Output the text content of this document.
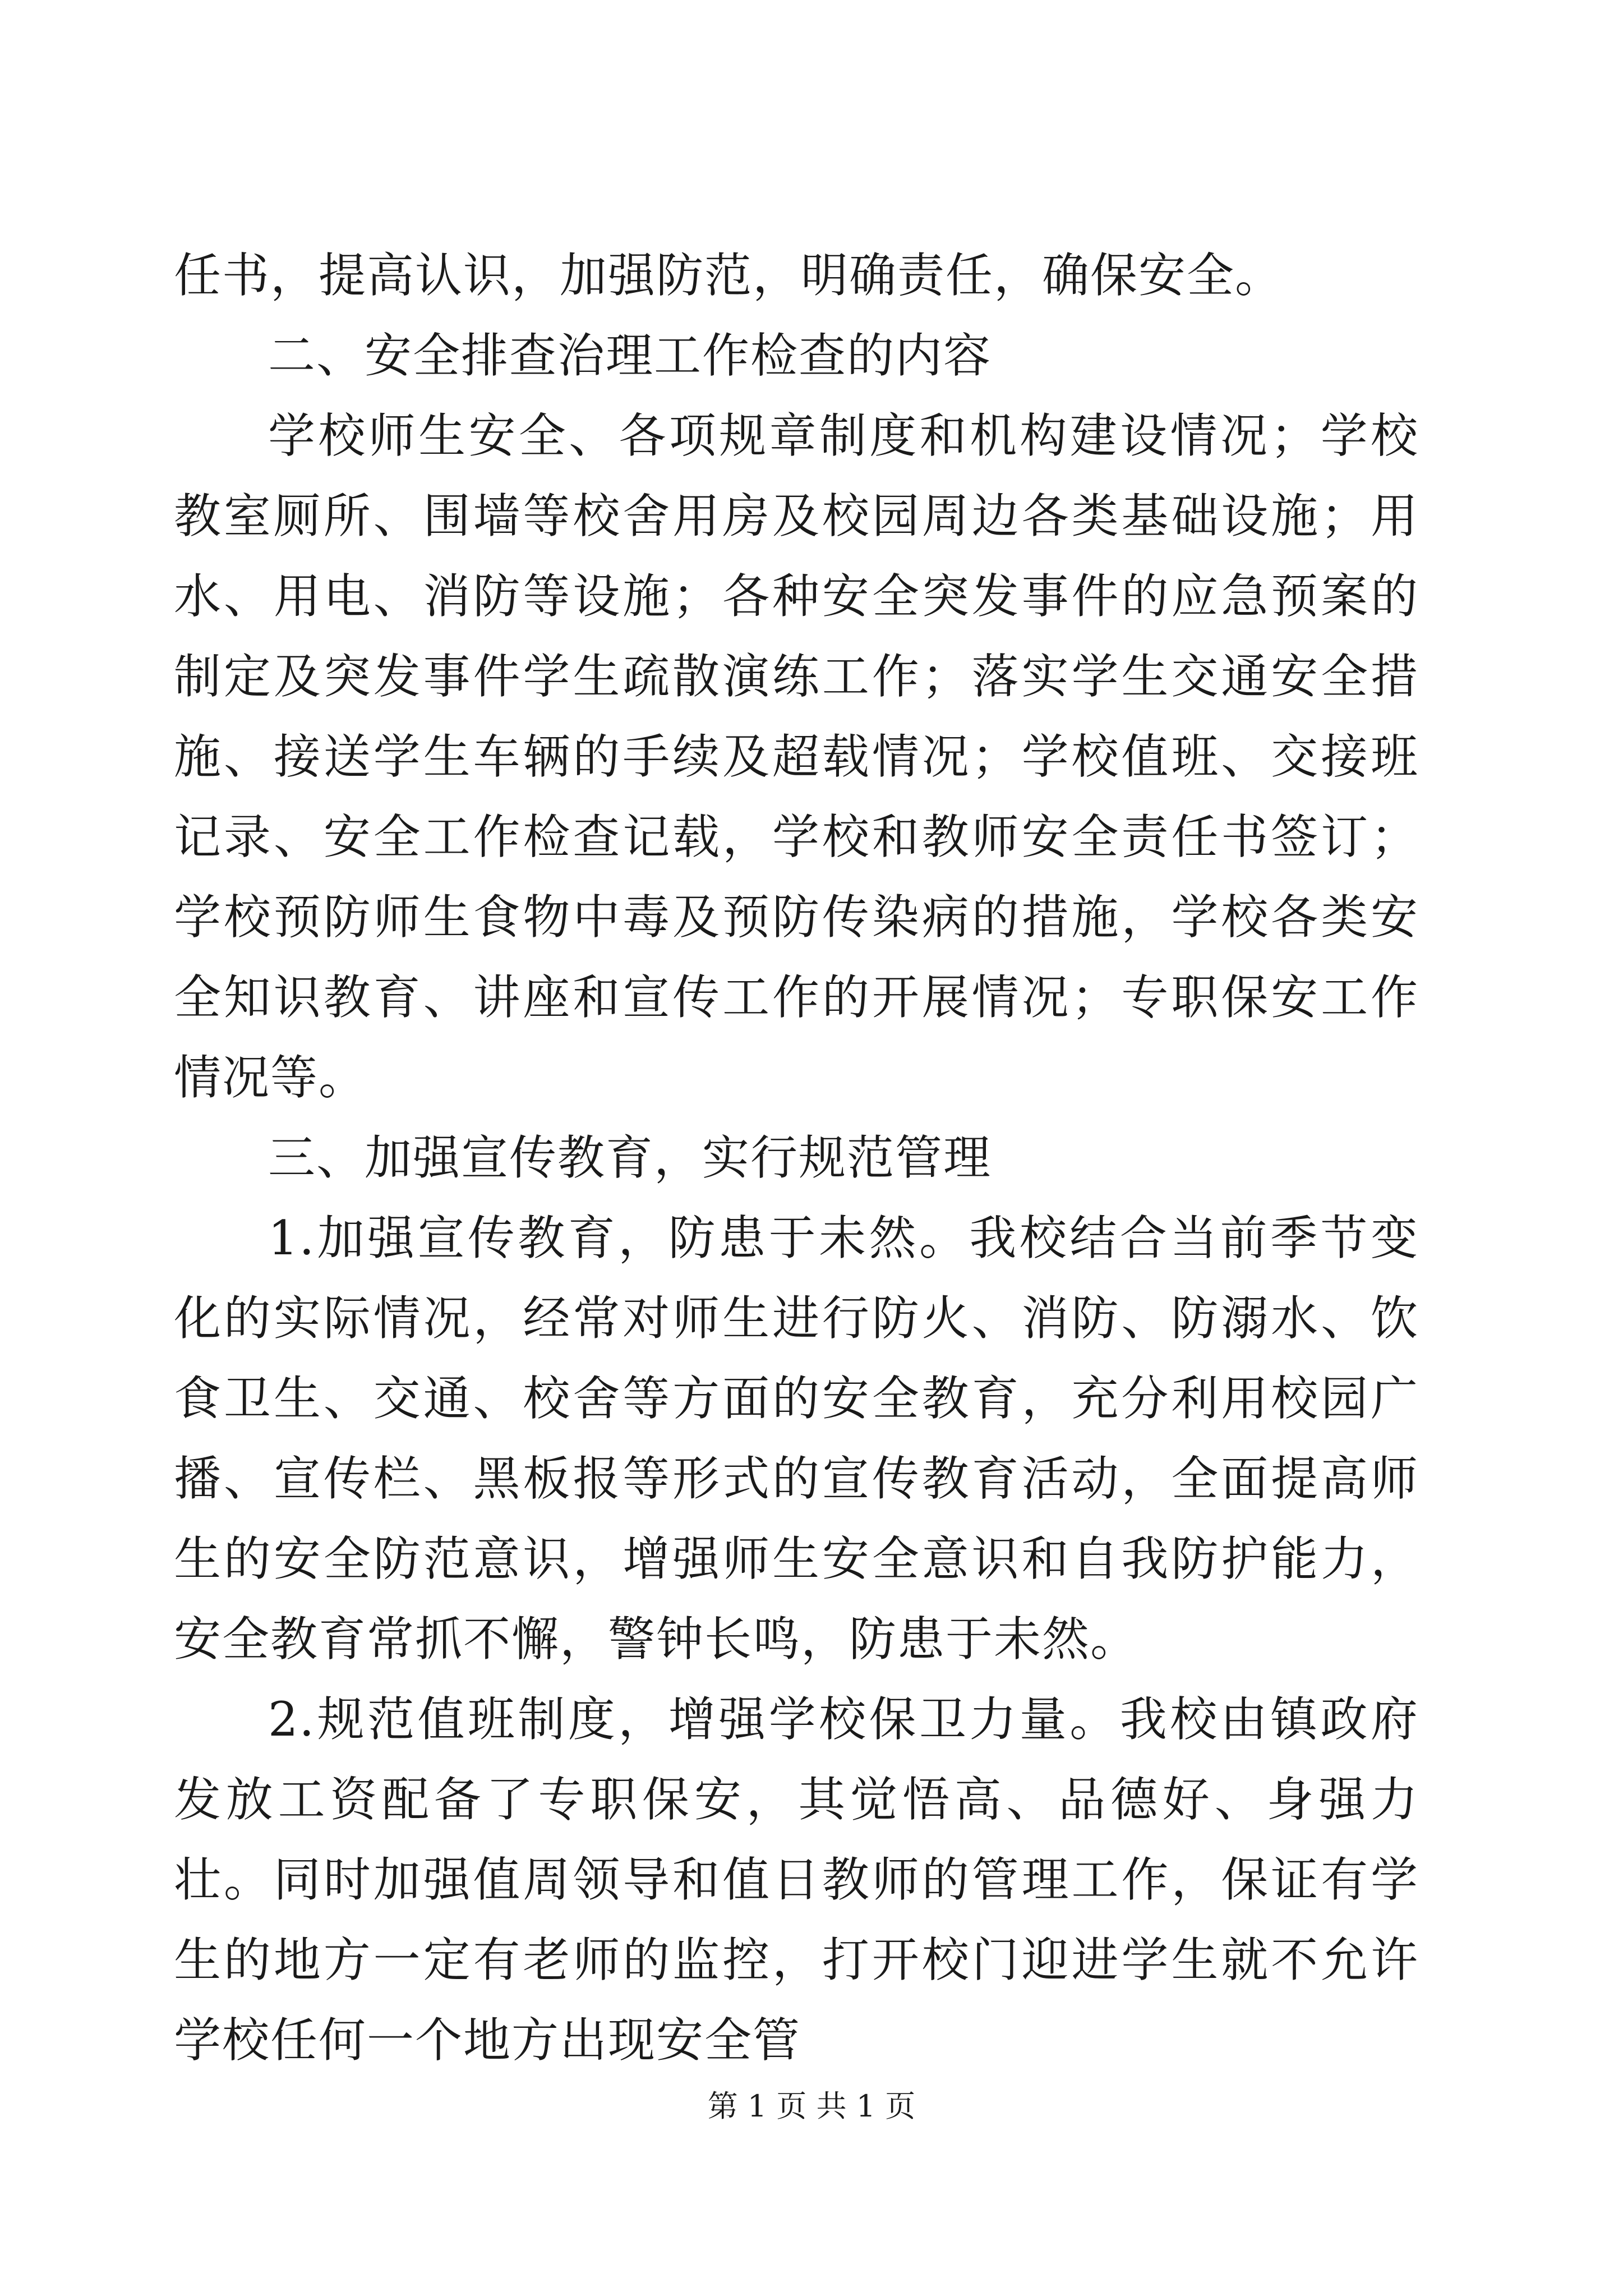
任书，提高认识，加强防范，明确责任，确保安全。

二、安全排查治理工作检查的内容

学校师生安全、各项规章制度和机构建设情况；学校教室厕所、围墙等校舍用房及校园周边各类基础设施；用水、用电、消防等设施；各种安全突发事件的应急预案的制定及突发事件学生疏散演练工作；落实学生交通安全措施、接送学生车辆的手续及超载情况；学校值班、交接班记录、安全工作检查记载，学校和教师安全责任书签订；学校预防师生食物中毒及预防传染病的措施，学校各类安全知识教育、讲座和宣传工作的开展情况；专职保安工作情况等。

三、加强宣传教育，实行规范管理

1.加强宣传教育，防患于未然。我校结合当前季节变化的实际情况，经常对师生进行防火、消防、防溺水、饮食卫生、交通、校舍等方面的安全教育，充分利用校园广播、宣传栏、黑板报等形式的宣传教育活动，全面提高师生的安全防范意识，增强师生安全意识和自我防护能力，安全教育常抓不懈，警钟长鸣，防患于未然。

2.规范值班制度，增强学校保卫力量。我校由镇政府发放工资配备了专职保安，其觉悟高、品德好、身强力壮。同时加强值周领导和值日教师的管理工作，保证有学生的地方一定有老师的监控，打开校门迎进学生就不允许学校任何一个地方出现安全管

第 1 页 共 1 页
